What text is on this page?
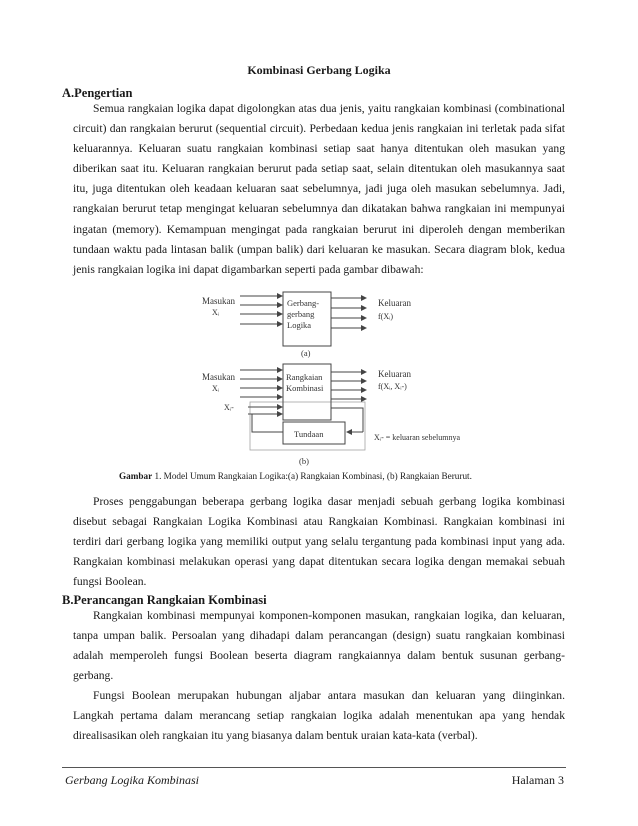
Kombinasi Gerbang Logika
A.Pengertian

Semua rangkaian logika dapat digolongkan atas dua jenis, yaitu rangkaian kombinasi (combinational circuit) dan rangkaian berurut (sequential circuit). Perbedaan kedua jenis rangkaian ini terletak pada sifat keluarannya. Keluaran suatu rangkaian kombinasi setiap saat hanya ditentukan oleh masukan yang diberikan saat itu. Keluaran rangkaian berurut pada setiap saat, selain ditentukan oleh masukannya saat itu, juga ditentukan oleh keadaan keluaran saat sebelumnya, jadi juga oleh masukan sebelumnya. Jadi, rangkaian berurut tetap mengingat keluaran sebelumnya dan dikatakan bahwa rangkaian ini mempunyai ingatan (memory). Kemampuan mengingat pada rangkaian berurut ini diperoleh dengan memberikan tundaan waktu pada lintasan balik (umpan balik) dari keluaran ke masukan. Secara diagram blok, kedua jenis rangkaian logika ini dapat digambarkan seperti pada gambar dibawah:

Masukan
Xᵢ
Gerbang-
gerbang
Logika
Keluaran
f(Xᵢ)
(a)
Masukan
Xᵢ
Rangkaian
Kombinasi
Keluaran
f(Xᵢ, Xᵢ-)
Xᵢ-
Tundaan	Xᵢ- = keluaran sebelumnya
(b)
Gambar 1. Model Umum Rangkaian Logika:(a) Rangkaian Kombinasi, (b) Rangkaian Berurut.

Proses penggabungan beberapa gerbang logika dasar menjadi sebuah gerbang logika kombinasi disebut sebagai Rangkaian Logika Kombinasi atau Rangkaian Kombinasi. Rangkaian kombinasi ini terdiri dari gerbang logika yang memiliki output yang selalu tergantung pada kombinasi input yang ada. Rangkaian kombinasi melakukan operasi yang dapat ditentukan secara logika dengan memakai sebuah fungsi Boolean.

B.Perancangan Rangkaian Kombinasi

Rangkaian kombinasi mempunyai komponen-komponen masukan, rangkaian logika, dan keluaran, tanpa umpan balik. Persoalan yang dihadapi dalam perancangan (design) suatu rangkaian kombinasi adalah memperoleh fungsi Boolean beserta diagram rangkaiannya dalam bentuk susunan gerbang-gerbang.

Fungsi Boolean merupakan hubungan aljabar antara masukan dan keluaran yang diinginkan. Langkah pertama dalam merancang setiap rangkaian logika adalah menentukan apa yang hendak direalisasikan oleh rangkaian itu yang biasanya dalam bentuk uraian kata-kata (verbal).

Gerbang Logika Kombinasi	Halaman 3
